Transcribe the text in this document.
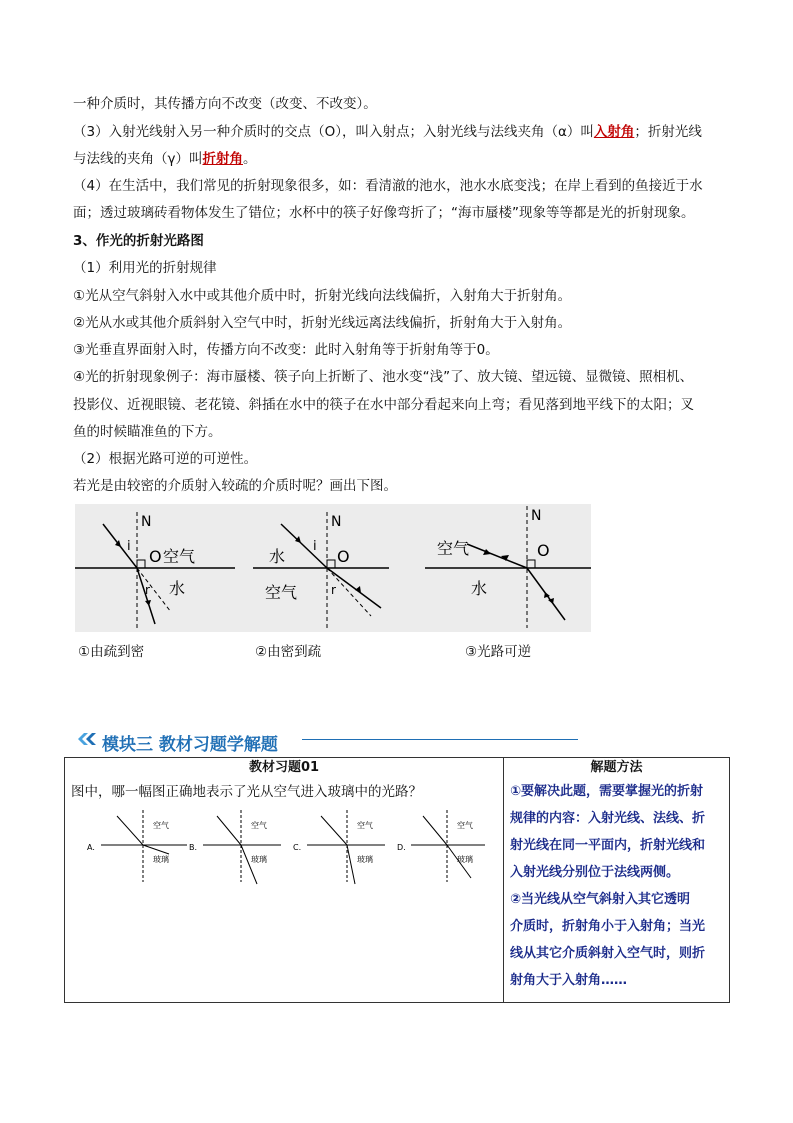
一种介质时，其传播方向不改变（改变、不改变）。
（3）入射光线射入另一种介质时的交点（O），叫入射点；入射光线与法线夹角（α）叫入射角；折射光线
与法线的夹角（γ）叫折射角。
（4）在生活中，我们常见的折射现象很多，如：看清澈的池水，池水水底变浅；在岸上看到的鱼接近于水
面；透过玻璃砖看物体发生了错位；水杯中的筷子好像弯折了；“海市蜃楼”现象等等都是光的折射现象。
3、作光的折射光路图
（1）利用光的折射规律
①光从空气斜射入水中或其他介质中时，折射光线向法线偏折，入射角大于折射角。
②光从水或其他介质斜射入空气中时，折射光线远离法线偏折，折射角大于入射角。
③光垂直界面射入时，传播方向不改变：此时入射角等于折射角等于0。
④光的折射现象例子：海市蜃楼、筷子向上折断了、池水变“浅”了、放大镜、望远镜、显微镜、照相机、
投影仪、近视眼镜、老花镜、斜插在水中的筷子在水中部分看起来向上弯；看见落到地平线下的太阳；叉
鱼的时候瞄准鱼的下方。
（2）根据光路可逆的可逆性。
若光是由较密的介质射入较疏的介质时呢？画出下图。
N
i
O 空气
水
r
N
i
O
水
空气	r
N
O
空气
水
①由疏到密	②由密到疏	③光路可逆
模块三 教材习题学解题
教材习题01
图中，哪一幅图正确地表示了光从空气进入玻璃中的光路？
A.
空气
玻璃
B.
空气
玻璃
C.
空气
玻璃
D.
空气
玻璃

解题方法
①要解决此题，需要掌握光的折射
规律的内容：入射光线、法线、折
射光线在同一平面内，折射光线和
入射光线分别位于法线两侧。
②当光线从空气斜射入其它透明
介质时，折射角小于入射角；当光
线从其它介质斜射入空气时，则折
射角大于入射角……
